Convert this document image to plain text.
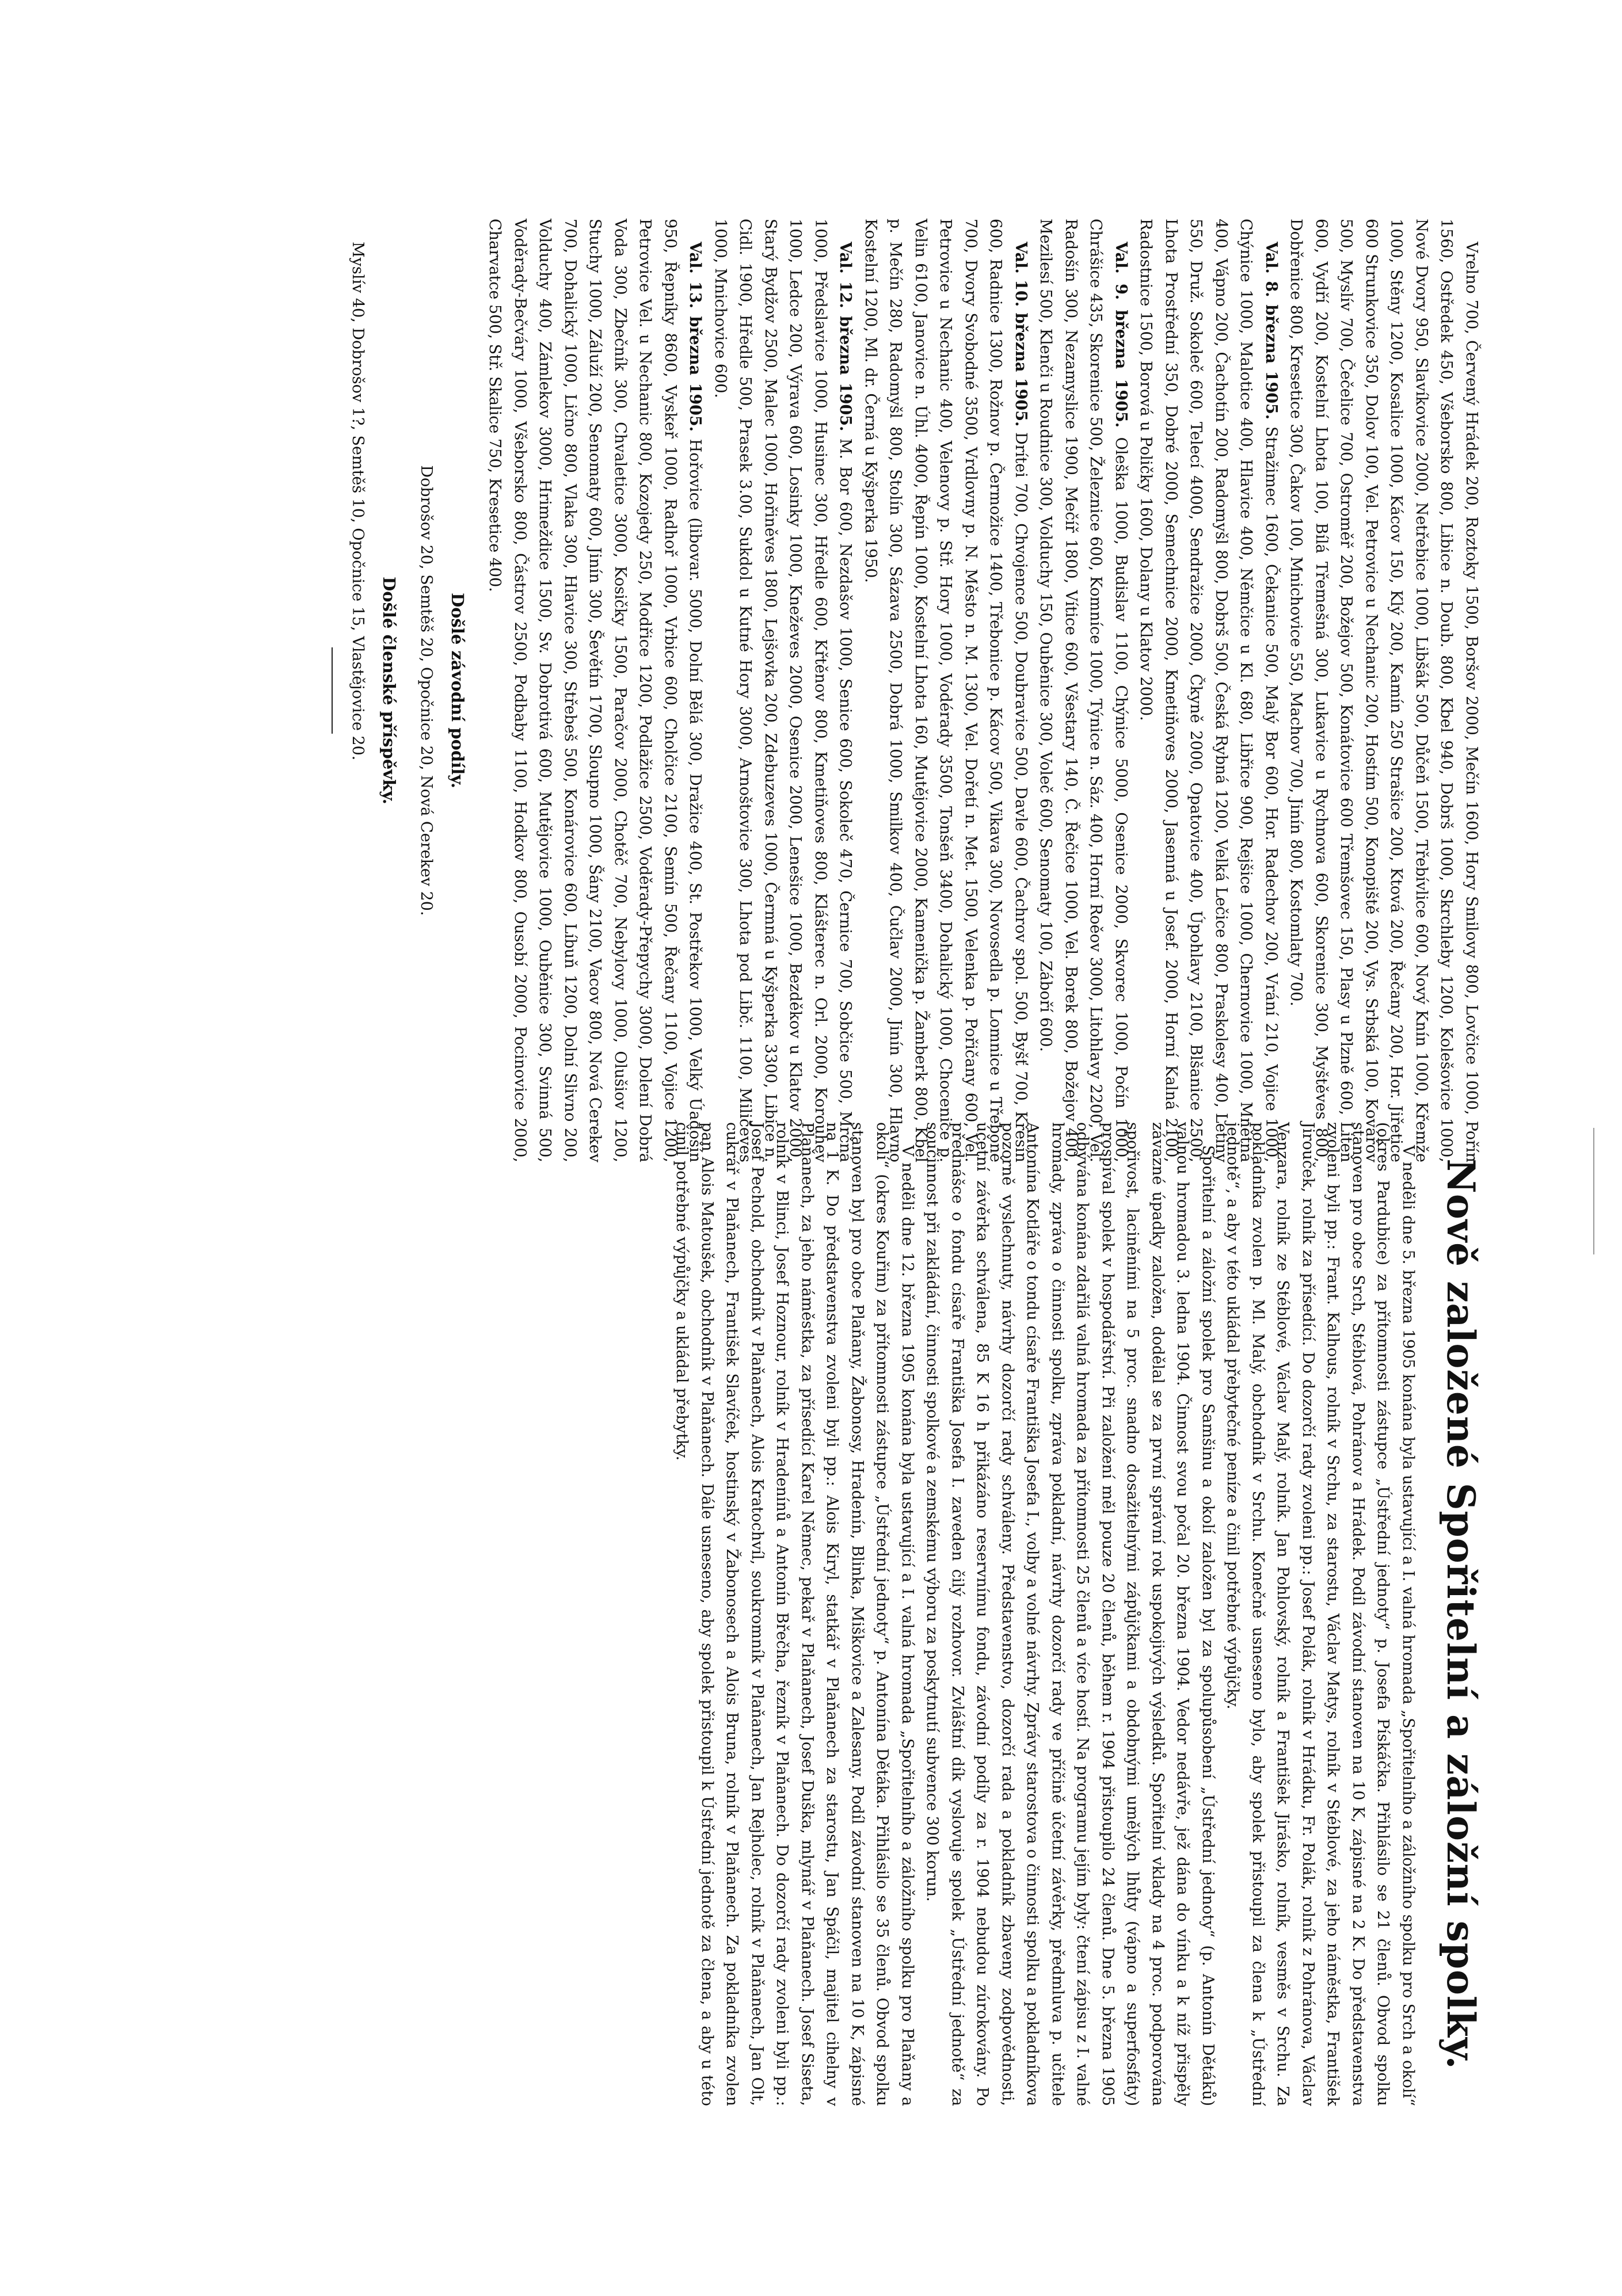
Vrelno 700, Červený Hrádek 200, Roztoky 1500, Boršov 2000, Mečín 1600, Hory Smilovy 800, Lovčice 1000, Pořín 1560, Ostředek 450, Všeborsko 800, Libice n. Doub. 800, Kbel 940, Dobrš 1000, Skrchleby 1200, Kolešovice 1000, Nové Dvory 950, Slavíkovice 2000, Netřebice 1000, Libšák 500, Důčeň 1500, Třebívlice 600, Nový Knín 1000, Křemže 1000, Stěny 1200, Kosalice 1000, Kácov 150, Klý 200, Kamín 250 Strašice 200, Ktová 200, Řečany 200, Hor. Jiřetice 600 Strunkovice 350, Dolov 100, Vel. Petrovice u Nechanic 200, Hostím 500, Konopiště 200, Vys. Srbská 100, Kovářov 500, Myslív 700, Čečelice 700, Ostroměř 200, Božejov 500, Konátovice 600 Třemšovec 150, Plasy u Plzně 600, Liteň 600, Vydří 200, Kostelní Lhota 100, Bílá Třemešná 300, Lukavice u Rychnova 600, Skorenice 300, Myštěves 800, Dobřenice 800, Kresetice 300, Čakov 100, Mnichovice 550, Machov 700, Jinín 800, Kostomlaty 700.

Val. 8. března 1905. Stražimec 1600, Čekanice 500, Malý Bor 600, Hor. Radechov 200, Vrání 210, Vojice 1000, Chýnice 1000, Malotice 400, Hlavice 400, Němčice u Kl. 680, Libřice 900, Rejšice 1000, Chernovice 1000, Mnětná 400, Vápno 200, Čachotín 200, Radomyšl 800, Dobrš 500, Česká Rybná 1200, Velká Lečice 800, Praskolesy 400, Letiny 550, Druž. Sokoleč 600, Telecí 4000, Sendražice 2000, Čkyně 2000, Opatovice 400, Úpohlavy 2100, Blšanice 2500, Lhota Prostřední 350, Dobré 2000, Semechnice 2000, Kmetiňoves 2000, Jasenná u Josef. 2000, Horní Kalná 2100, Radostnice 1500, Borová u Poličky 1600, Dolany u Klatov 2000.

Val. 9. března 1905. Oleška 1000, Budislav 1100, Chýnice 5000, Osenice 2000, Skvorec 1000, Počín 1000, Chrášice 435, Skorenice 500, Železnice 600, Komníce 1000, Týnice n. Sáz. 400, Horní Roěov 3000, Litohlavy 2200, Vel. Radošín 300, Nezamyslice 1900, Mečíř 1800, Vítice 600, Všestary 140, Č. Řečice 1000, Vel. Borek 800, Božejov 400, Mezilesí 500, Klenči u Roudnice 300, Volduchy 150, Ouběnice 300, Voleč 600, Senomaty 100, Záboří 600.

Val. 10. března 1905. Drítei 700, Chvojence 500, Doubravice 500, Davle 600, Čachrov spol. 500, Byšť 700, Křesín 600, Radnice 1300, Rožnov p. Čermožice 1400, Třebonice p. Kácov 500, Vikava 300, Novosedla p. Lomnice u Třeboně 700, Dvory Svobodné 3500, Vrdlovny p. N. Město n. M. 1300, Vel. Dořetí n. Met. 1500, Velenka p. Pořičany 600, Vel. Petrovice u Nechanic 400, Velenovy p. Stř. Hory 1000, Vodérady 3500, Tonšeň 3400, Dohalický 1000, Chocenice p. Velin 6100, Janovice n. Úhl. 4000, Řepín 1000, Kostelní Lhota 160, Mutějovice 2000, Kamenička p. Žamberk 800, Kbel p. Mečín 280, Radomyšl 800, Stolín 300, Sázava 2500, Dobrá 1000, Smilkov 400, Čučlav 2000, Jinín 300, Hlavno Kostelní 1200, Ml. dr. Černá u Kyšperka 1950.

Val. 12. března 1905. M. Bor 600, Nezdašov 1000, Senice 600, Sokoleč 470, Černice 700, Sobčice 500, Mrčná 1000, Předslavice 1000, Husinec 300, Hředle 600, Křtěnov 800, Kmetiňoves 800, Klášterec n. Orl. 2000, Korouhev 1000, Ledce 200, Výrava 600, Losinky 1000, Kneževes 2000, Osenice 2000, Lenešice 1000, Bezděkov u Klatov 2000, Starý Bydžov 2500, Malec 1000, Hořiněves 1800, Lejšovka 200, Zdebuzeves 1000, Čermná u Kyšperka 3300, Libice n. Cidl. 1900, Hředle 500, Prasek 3.00, Sukdol u Kutné Hory 3000, Arnoštovice 300, Lhota pod Libč. 1100, Miličeves 1000, Mnichovice 600.

Val. 13. března 1905. Hořovice (libovar. 5000, Dolní Bělá 300, Dražice 400, St. Postřekov 1000, Velký Úadošín 950, Řepníky 8600, Vyskeř 1000, Radhoř 1000, Vrbice 600, Cholčice 2100, Semín 500, Řečany 1100, Vojice 1200, Petrovice Vel. u Nechanic 800, Kozojedy 250, Modřice 1200, Podlažice 2500, Voděrady-Přepychy 3000, Dolení Dobrá Voda 300, Zbečník 300, Chvaletice 3000, Kosičky 1500, Paračov 2000, Chotěč 700, Nebylovy 1000, Olušiov 1200, Stuchy 1000, Záluží 200, Senomaty 600, Jinín 300, Ševětín 1700, Sloupno 1000, Šány 2100, Vacov 800, Nová Cerekev 700, Dohalický 1000, Lično 800, Vlaka 300, Hlavice 300, Střebeš 500, Konárovice 600, Líbuň 1200, Dolní Slivno 200, Volduchy 400, Zámlekov 3000, Hrimeždice 1500, Sv. Dobrotivá 600, Mutějovice 1000, Ouběnice 300, Svinná 500, Voděrady-Bečváry 1000, Všeborsko 800, Částrov 2500, Podbaby 1100, Hodkov 800, Ousobí 2000, Pocinovice 2000, Charvatce 500, Stř. Skalice 750, Kresetice 400.

Došlé závodní podíly.

Dobrošov 20, Semtěš 20, Opočnice 20, Nová Cerekev 20.

Došlé členské příspěvky.

Myslív 40, Dobrošov 1?, Semtěš 10, Opočnice 15, Vlastějovice 20.

Nově založené Spořitelní a záložní spolky.

V neděli dne 5. března 1905 konána byla ustavující a I. valná hromada „Spořitelního a záložního spolku pro Srch a okolí“ (okres Pardubice) za přítomnosti zástupce „Ústřední jednoty“ p. Josefa Pískáčka. Přihlásilo se 21 členů. Obvod spolku stanoven pro obce Srch, Stéblová, Pohránov a Hrádek. Podíl závodní stanoven na 10 K, zápisné na 2 K. Do představenstva zvoleni byli pp.: Frant. Kalhous, rolník v Srchu, za starostu, Václav Matys, rolník v Stéblové, za jeho náměstka, František Jirouček, rolník za přísedící. Do dozorčí rady zvoleni pp.: Josef Polák, rolník v Hrádku, Fr. Polák, rolník z Pohránova, Václav Venzara, rolník ze Stéblové, Václav Malý, rolník. Jan Pohlovský, rolník a František Jirásko, rolník, vesměs v Srchu. Za pokladníka zvolen p. Ml. Malý, obchodník v Srchu. Konečně usneseno bylo, aby spolek přistoupil za člena k „Ústřední jednotě“, a aby v této ukládal přebytečné peníze a činil potřebné výpůjčky.

Spořitelní a záložní spolek pro Samšinu a okolí založen byl za spolupůsobení „Ústřední jednoty“ (p. Antonín Dětáků) valnou hromadou 3. ledna 1904. Činnost svou počal 20. března 1904. Vedor nedávře, jež dána do vínku a k níž přispěly závazné úpadky založen, dodělal se za první správní rok uspokojivých výsledků. Spořitelní vklady na 4 proc. podporována spořivost, laciněními na 5 proc. snadno dosažitelnými zápůjčkami a obdobnými umělých lhůty (vápno a superfosfáty) prospíval spolek v hospodářství. Při založení měl pouze 20 členů, během r. 1904 přistoupilo 24 členů. Dne 5. března 1905 odbývána konána zdařilá valná hromada za přítomnosti 25 členů a více hostí. Na programu jejím byly: čtení zápisu z I. valné hromady, zpráva o činnosti spolku, zpráva pokladní, návrhy dozorčí rady ve příčině účetní závěrky, předmluva p. učitele Antonína Kotláře o tondu císaře Františka Josefa I., volby a volné návrhy. Zprávy starostova o činnosti spolku a pokladníkova pozorně vyslechnuty, návrhy dozorčí rady schváleny. Představenstvo, dozorčí rada a pokladník zbaveny zodpovědnosti, účetní závěrka schválena, 85 K 16 h přikázáno reservnímu fondu, závodní podíly za r. 1904 nebudou zúrokovány. Po přednášce o fondu císaře Františka Josefa I. zaveden čilý rozhovor. Zvláštní dík vyslovuje spolek „Ústřední jednotě“ za součinnost při zakládání, činnosti spolkové a zemskému výboru za poskytnutí subvence 300 korun.

V neděli dne 12. března 1905 konána byla ustavující a I. valná hromada „Spořitelního a záložního spolku pro Plaňany a okolí“ (okres Kouřim) za přítomnosti zástupce „Ústřední jednoty“ p. Antonína Dětáka. Přihlásilo se 35 členů. Obvod spolku stanoven byl pro obce Plaňany, Žabonosy, Hradenín, Blinka, Miškovice a Zalesany. Podíl závodní stanoven na 10 K, zápisné na 1 K. Do představenstva zvoleni byli pp.: Alois Kiryl, statkář v Plaňanech za starostu, Jan Spáčil, majitel cihelny v Plaňanech, za jeho náměstka, za přísedící Karel Němec, pekař v Plaňanech, Josef Duška, mlynář v Plaňanech. Josef Siseta, rolník v Blinci, Josef Hoznour, rolník v Hradenínů a Antonín Břečha, řezník v Plaňanech. Do dozorčí rady zvoleni byli pp.: Josef Pechold, obchodník v Plaňanech, Alois Kratochvíl, soukromník v Plaňanech, Jan Rejholec, rolník v Plaňanech, Jan Olt, cukrář v Plaňanech, František Slavíček, hostinský v Žabonosech a Alois Bruna, rolník v Plaňanech. Za pokladníka zvolen pan Alois Matoušek, obchodník v Plaňanech. Dále usneseno, aby spolek přistoupil k Ústřední jednotě za člena, a aby u této činil potřebné výpůjčky a ukládal přebytky.
